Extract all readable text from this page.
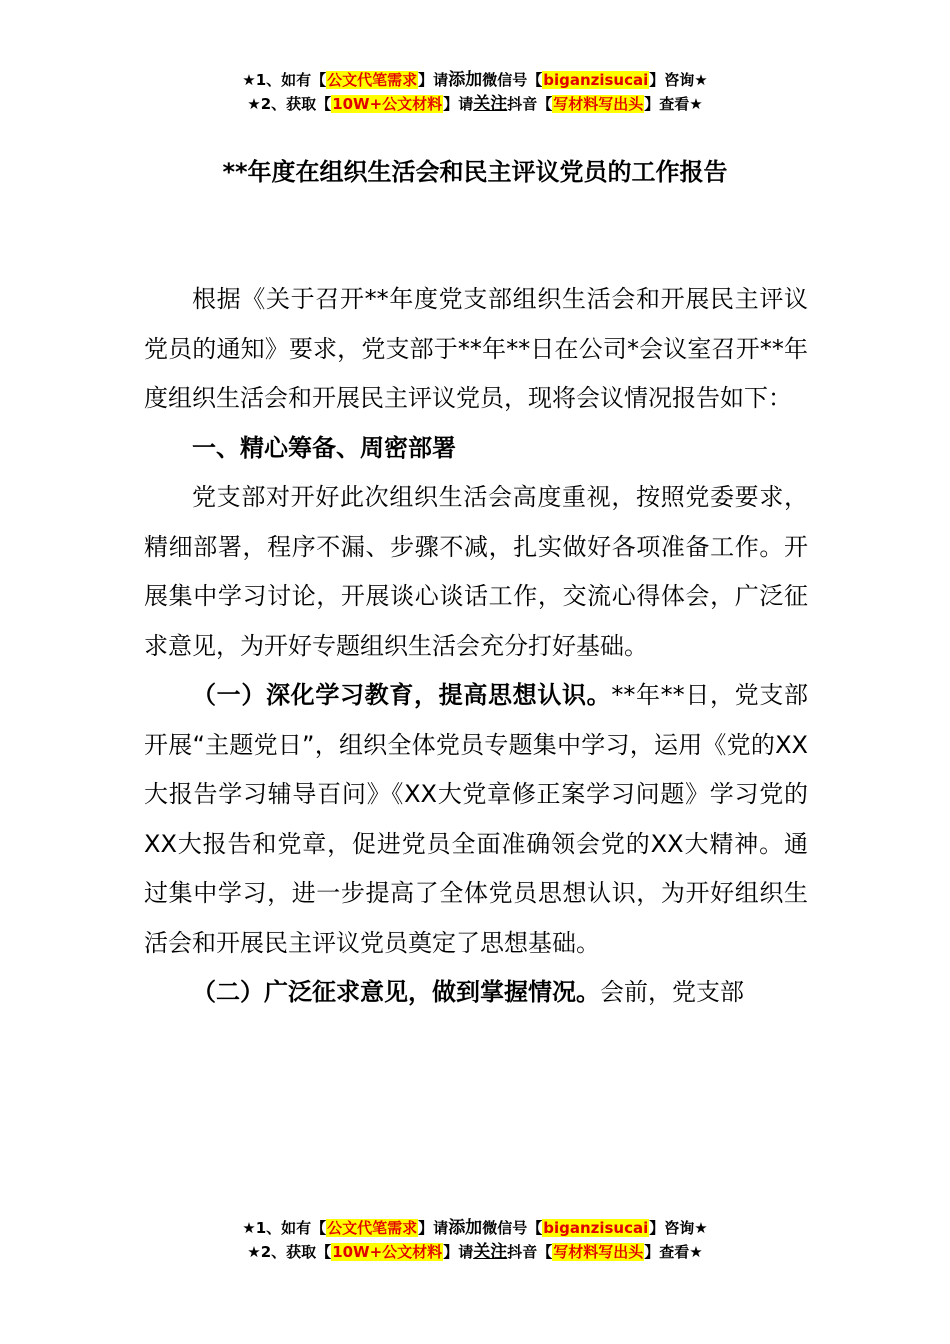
★1、如有【公文代笔需求】请添加微信号【biganzisucai】咨询★
★2、获取【10W+公文材料】请关注抖音【写材料写出头】查看★
**年度在组织生活会和民主评议党员的工作报告

根据《关于召开**年度党支部组织生活会和开展民主评议党员的通知》要求，党支部于**年**日在公司*会议室召开**年度组织生活会和开展民主评议党员，现将会议情况报告如下：

一、精心筹备、周密部署

党支部对开好此次组织生活会高度重视，按照党委要求，精细部署，程序不漏、步骤不减，扎实做好各项准备工作。开展集中学习讨论，开展谈心谈话工作，交流心得体会，广泛征求意见，为开好专题组织生活会充分打好基础。

（一）深化学习教育，提高思想认识。**年**日，党支部开展“主题党日”，组织全体党员专题集中学习，运用《党的XX大报告学习辅导百问》《XX大党章修正案学习问题》学习党的XX大报告和党章，促进党员全面准确领会党的XX大精神。通过集中学习，进一步提高了全体党员思想认识，为开好组织生活会和开展民主评议党员奠定了思想基础。

（二）广泛征求意见，做到掌握情况。会前，党支部

★1、如有【公文代笔需求】请添加微信号【biganzisucai】咨询★
★2、获取【10W+公文材料】请关注抖音【写材料写出头】查看★
